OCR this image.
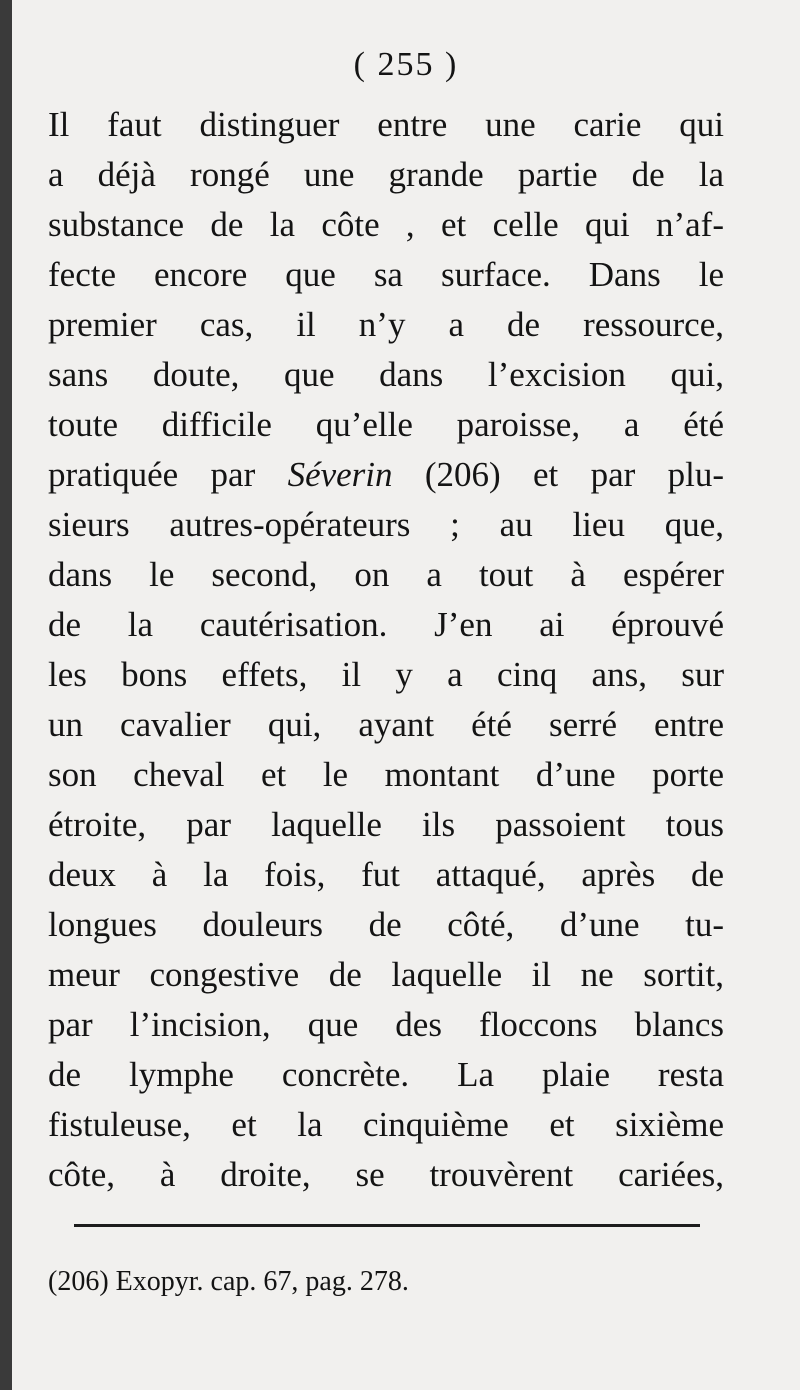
( 255 )
Il faut distinguer entre une carie qui
a déjà rongé une grande partie de la
substance de la côte , et celle qui n’af-
fecte encore que sa surface. Dans le
premier cas, il n’y a de ressource,
sans doute, que dans l’excision qui,
toute difficile qu’elle paroisse, a été
pratiquée par Séverin (206) et par plu-
sieurs autres-opérateurs ; au lieu que,
dans le second, on a tout à espérer
de la cautérisation. J’en ai éprouvé
les bons effets, il y a cinq ans, sur
un cavalier qui, ayant été serré entre
son cheval et le montant d’une porte
étroite, par laquelle ils passoient tous
deux à la fois, fut attaqué, après de
longues douleurs de côté, d’une tu-
meur congestive de laquelle il ne sortit,
par l’incision, que des floccons blancs
de lymphe concrète. La plaie resta
fistuleuse, et la cinquième et sixième
côte, à droite, se trouvèrent cariées,
(206) Exopyr. cap. 67, pag. 278.
